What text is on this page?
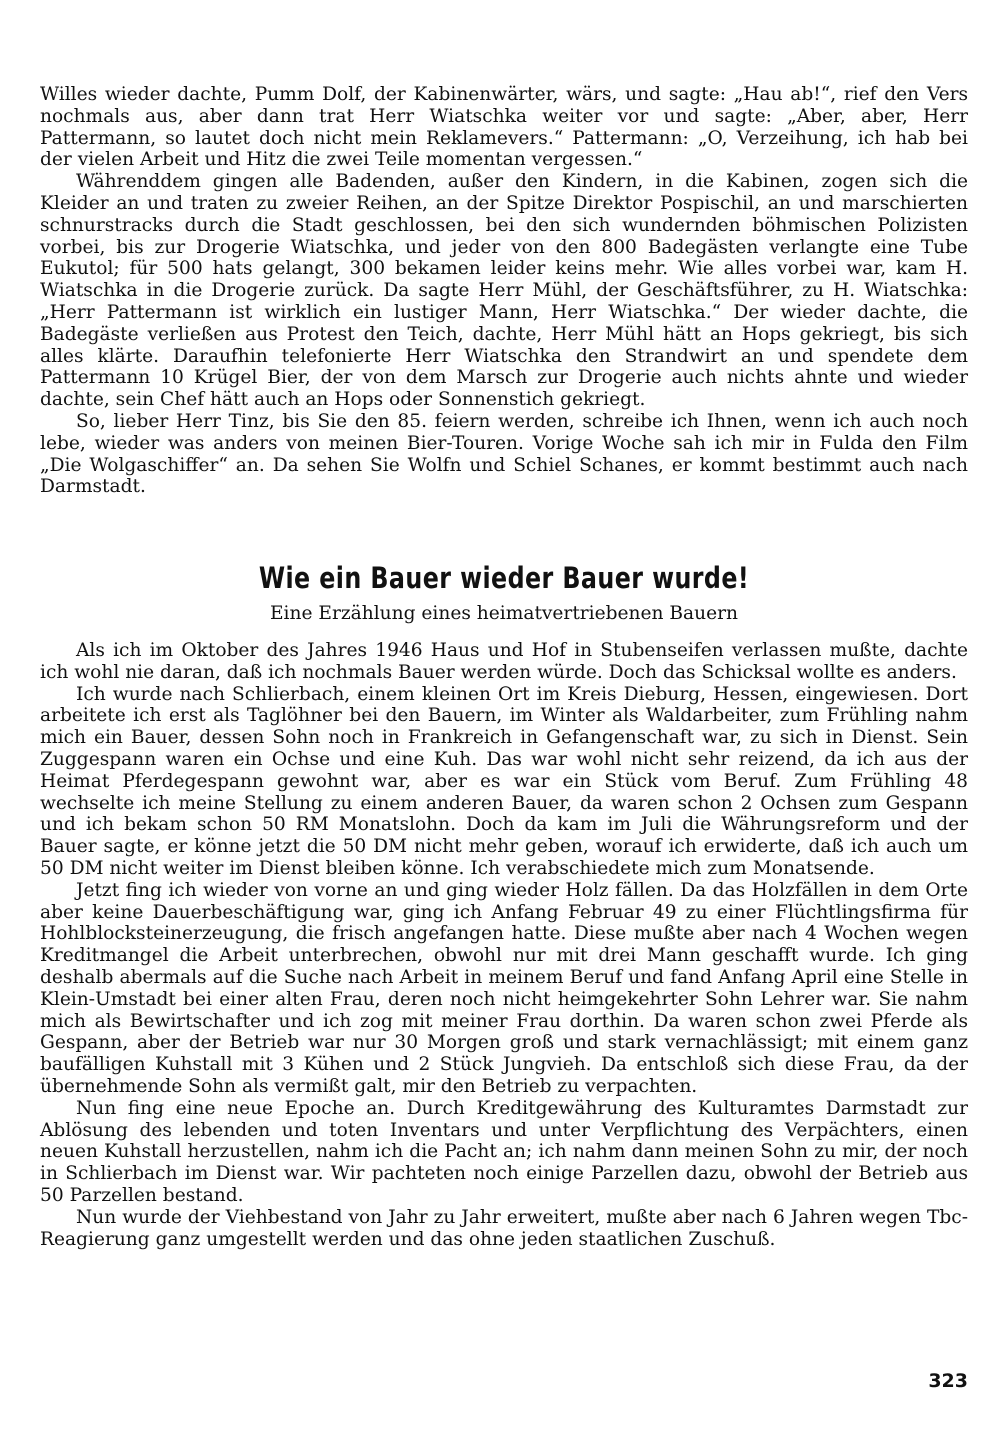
Willes wieder dachte, Pumm Dolf, der Kabinenwärter, wärs, und sagte: „Hau ab!“, rief den Vers nochmals aus, aber dann trat Herr Wiatschka weiter vor und sagte: „Aber, aber, Herr Pattermann, so lautet doch nicht mein Reklamevers.“ Pattermann: „O, Verzeihung, ich hab bei der vielen Arbeit und Hitz die zwei Teile momentan vergessen.“

Währenddem gingen alle Badenden, außer den Kindern, in die Kabinen, zogen sich die Kleider an und traten zu zweier Reihen, an der Spitze Direktor Pospischil, an und marschierten schnurstracks durch die Stadt geschlossen, bei den sich wundernden böhmischen Polizisten vorbei, bis zur Drogerie Wiatschka, und jeder von den 800 Badegästen verlangte eine Tube Eukutol; für 500 hats gelangt, 300 bekamen leider keins mehr. Wie alles vorbei war, kam H. Wiatschka in die Drogerie zurück. Da sagte Herr Mühl, der Geschäftsführer, zu H. Wiatschka: „Herr Pattermann ist wirklich ein lustiger Mann, Herr Wiatschka.“ Der wieder dachte, die Badegäste verließen aus Protest den Teich, dachte, Herr Mühl hätt an Hops gekriegt, bis sich alles klärte. Daraufhin telefonierte Herr Wiatschka den Strandwirt an und spendete dem Pattermann 10 Krügel Bier, der von dem Marsch zur Drogerie auch nichts ahnte und wieder dachte, sein Chef hätt auch an Hops oder Sonnenstich gekriegt.

So, lieber Herr Tinz, bis Sie den 85. feiern werden, schreibe ich Ihnen, wenn ich auch noch lebe, wieder was anders von meinen Bier-Touren. Vorige Woche sah ich mir in Fulda den Film „Die Wolgaschiffer“ an. Da sehen Sie Wolfn und Schiel Schanes, er kommt bestimmt auch nach Darmstadt.

Wie ein Bauer wieder Bauer wurde!

Eine Erzählung eines heimatvertriebenen Bauern

Als ich im Oktober des Jahres 1946 Haus und Hof in Stubenseifen verlassen mußte, dachte ich wohl nie daran, daß ich nochmals Bauer werden würde. Doch das Schicksal wollte es anders.

Ich wurde nach Schlierbach, einem kleinen Ort im Kreis Dieburg, Hessen, eingewiesen. Dort arbeitete ich erst als Taglöhner bei den Bauern, im Winter als Waldarbeiter, zum Frühling nahm mich ein Bauer, dessen Sohn noch in Frankreich in Gefangenschaft war, zu sich in Dienst. Sein Zuggespann waren ein Ochse und eine Kuh. Das war wohl nicht sehr reizend, da ich aus der Heimat Pferdegespann gewohnt war, aber es war ein Stück vom Beruf. Zum Frühling 48 wechselte ich meine Stellung zu einem anderen Bauer, da waren schon 2 Ochsen zum Gespann und ich bekam schon 50 RM Monatslohn. Doch da kam im Juli die Währungsreform und der Bauer sagte, er könne jetzt die 50 DM nicht mehr geben, worauf ich erwiderte, daß ich auch um 50 DM nicht weiter im Dienst bleiben könne. Ich verabschiedete mich zum Monatsende.

Jetzt fing ich wieder von vorne an und ging wieder Holz fällen. Da das Holzfällen in dem Orte aber keine Dauerbeschäftigung war, ging ich Anfang Februar 49 zu einer Flüchtlingsfirma für Hohlblocksteinerzeugung, die frisch angefangen hatte. Diese mußte aber nach 4 Wochen wegen Kreditmangel die Arbeit unterbrechen, obwohl nur mit drei Mann geschafft wurde. Ich ging deshalb abermals auf die Suche nach Arbeit in meinem Beruf und fand Anfang April eine Stelle in Klein-Umstadt bei einer alten Frau, deren noch nicht heimgekehrter Sohn Lehrer war. Sie nahm mich als Bewirtschafter und ich zog mit meiner Frau dorthin. Da waren schon zwei Pferde als Gespann, aber der Betrieb war nur 30 Morgen groß und stark vernachlässigt; mit einem ganz baufälligen Kuhstall mit 3 Kühen und 2 Stück Jungvieh. Da entschloß sich diese Frau, da der übernehmende Sohn als vermißt galt, mir den Betrieb zu verpachten.

Nun fing eine neue Epoche an. Durch Kreditgewährung des Kulturamtes Darmstadt zur Ablösung des lebenden und toten Inventars und unter Verpflichtung des Verpächters, einen neuen Kuhstall herzustellen, nahm ich die Pacht an; ich nahm dann meinen Sohn zu mir, der noch in Schlierbach im Dienst war. Wir pachteten noch einige Parzellen dazu, obwohl der Betrieb aus 50 Parzellen bestand.

Nun wurde der Viehbestand von Jahr zu Jahr erweitert, mußte aber nach 6 Jahren wegen Tbc-Reagierung ganz umgestellt werden und das ohne jeden staatlichen Zuschuß.

323
